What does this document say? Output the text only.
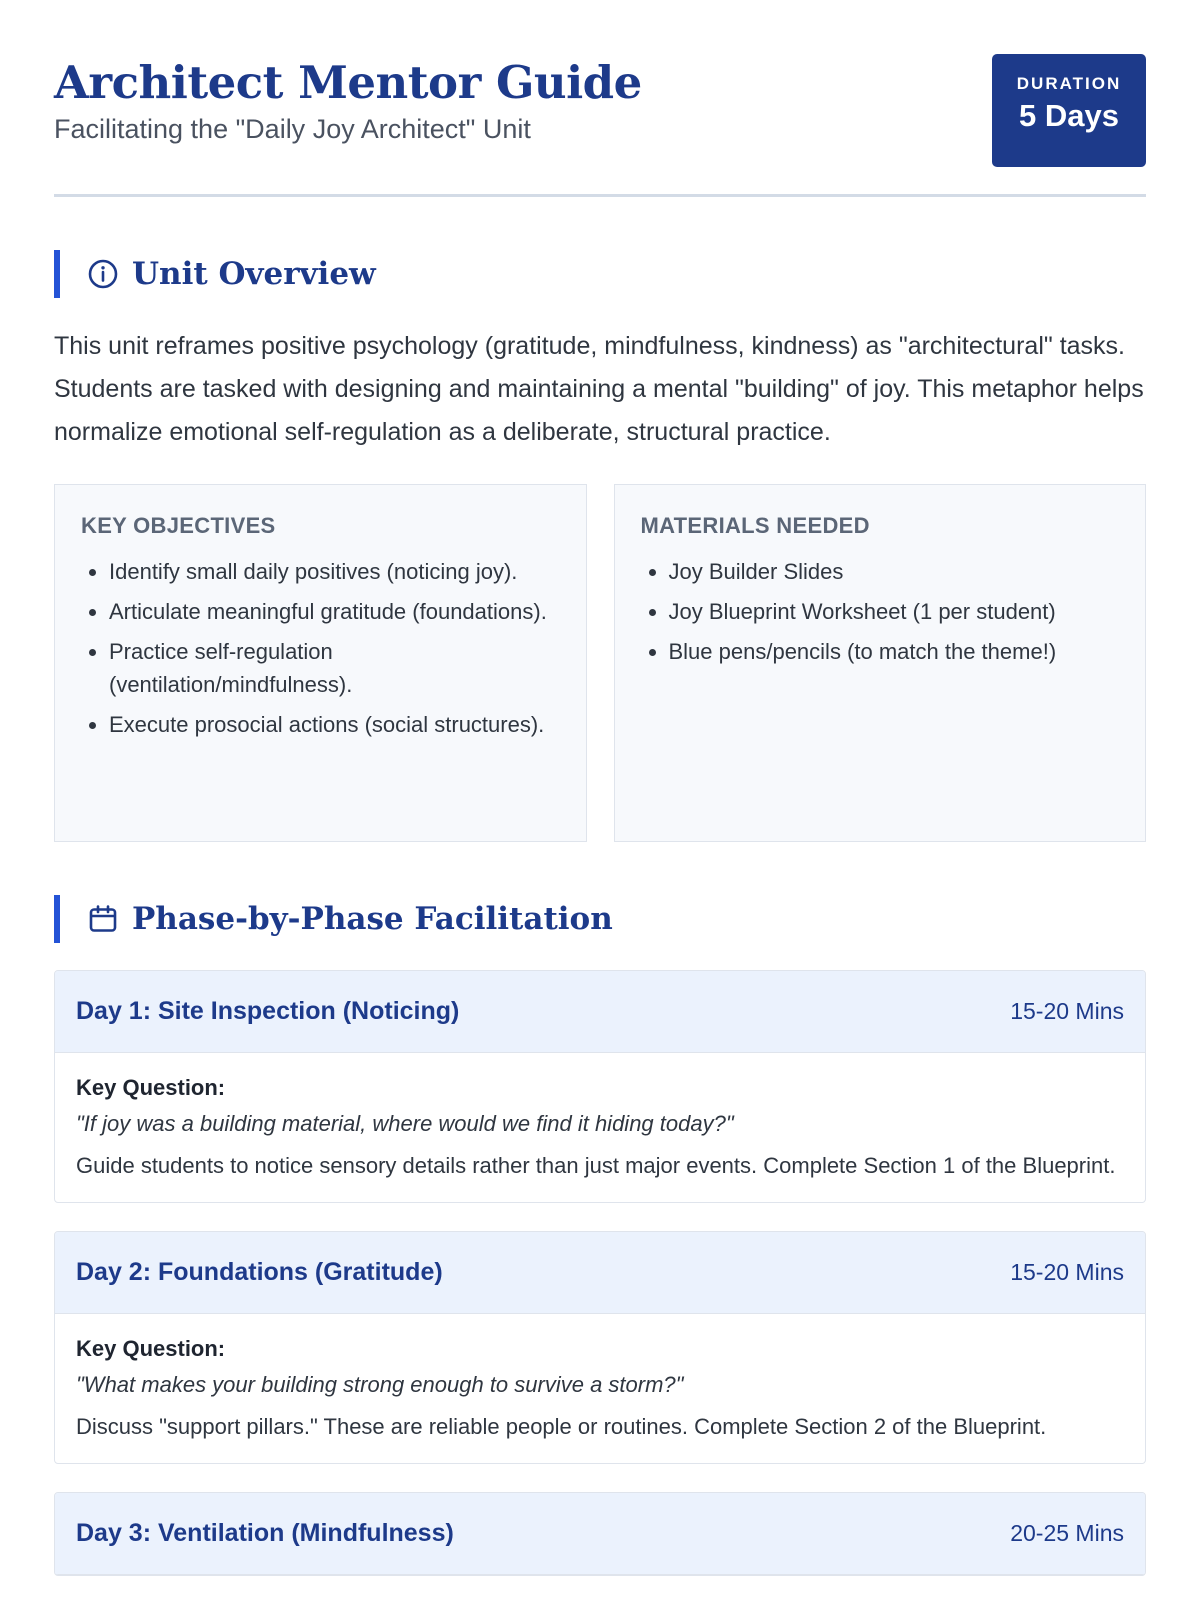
Architect Mentor Guide
Facilitating the "Daily Joy Architect" Unit
DURATION
5 Days
Unit Overview

This unit reframes positive psychology (gratitude, mindfulness, kindness) as "architectural" tasks. Students are tasked with designing and maintaining a mental "building" of joy. This metaphor helps normalize emotional self-regulation as a deliberate, structural practice.

KEY OBJECTIVES
• Identify small daily positives (noticing joy).
• Articulate meaningful gratitude (foundations).
• Practice self-regulation (ventilation/mindfulness).
• Execute prosocial actions (social structures).
MATERIALS NEEDED
• Joy Builder Slides
• Joy Blueprint Worksheet (1 per student)
• Blue pens/pencils (to match the theme!)
Phase-by-Phase Facilitation
Day 1: Site Inspection (Noticing)	15-20 Mins
Key Question:
"If joy was a building material, where would we find it hiding today?"
Guide students to notice sensory details rather than just major events. Complete Section 1 of the Blueprint.
Day 2: Foundations (Gratitude)	15-20 Mins
Key Question:
"What makes your building strong enough to survive a storm?"
Discuss "support pillars." These are reliable people or routines. Complete Section 2 of the Blueprint.
Day 3: Ventilation (Mindfulness)	20-25 Mins
